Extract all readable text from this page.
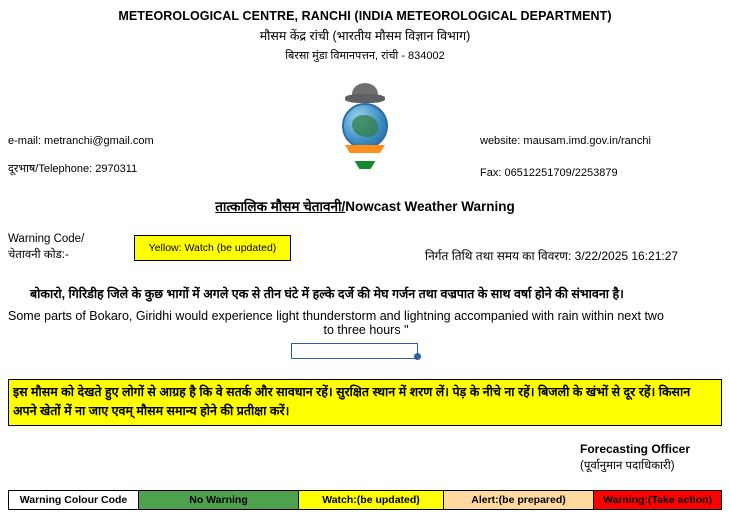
METEOROLOGICAL CENTRE, RANCHI (INDIA METEOROLOGICAL DEPARTMENT)
मौसम केंद्र रांची (भारतीय मौसम विज्ञान विभाग)
बिरसा मुंडा विमानपत्तन, रांची - 834002
e-mail: metranchi@gmail.com
दूरभाष/Telephone: 2970311
website: mausam.imd.gov.in/ranchi
Fax: 06512251709/2253879
तात्कालिक मौसम चेतावनी/Nowcast Weather Warning
Warning Code/
चेतावनी कोड:-
Yellow: Watch (be updated)
निर्गत तिथि तथा समय का विवरण: 3/22/2025 16:21:27
बोकारो, गिरिडीह जिले के कुछ भागों में अगले एक से तीन घंटे में हल्के दर्जे की मेघ गर्जन तथा वज्रपात के साथ वर्षा होने की संभावना है।
Some parts of Bokaro, Giridhi would experience light thunderstorm and lightning accompanied with rain within next two
to three hours "
इस मौसम को देखते हुए लोगों से आग्रह है कि वे सतर्क और सावधान रहें। सुरक्षित स्थान में शरण लें। पेड़ के नीचे ना रहें। बिजली के खंभों से दूर रहें। किसान अपने खेतों में ना जाए एवम् मौसम समान्य होने की प्रतीक्षा करें।
Forecasting Officer
(पूर्वानुमान पदाधिकारी)
Warning Colour Code	No Warning	Watch:(be updated)	Alert:(be prepared)	Warning:(Take action)
